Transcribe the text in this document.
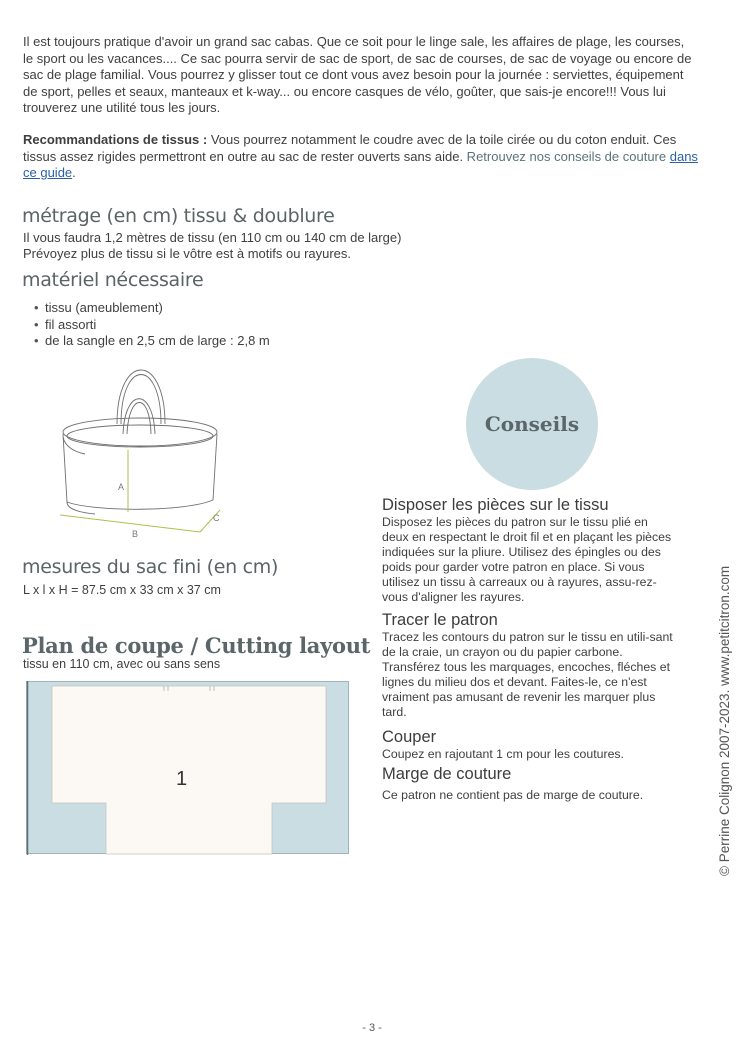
Il est toujours pratique d'avoir un grand sac cabas. Que ce soit pour le linge sale, les affaires de plage, les courses, le sport ou les vacances.... Ce sac pourra servir de sac de sport, de sac de courses, de sac de voyage ou encore de sac de plage familial. Vous pourrez y glisser tout ce dont vous avez besoin pour la journée : serviettes, équipement de sport, pelles et seaux, manteaux et k-way... ou encore casques de vélo, goûter, que sais-je encore!!! Vous lui trouverez une utilité tous les jours.
Recommandations de tissus : Vous pourrez notamment le coudre avec de la toile cirée ou du coton enduit. Ces tissus assez rigides permettront en outre au sac de rester ouverts sans aide. Retrouvez nos conseils de couture dans ce guide.
métrage (en cm) tissu & doublure
Il vous faudra 1,2 mètres de tissu (en 110 cm ou 140 cm de large)
Prévoyez plus de tissu si le vôtre est à motifs ou rayures.
matériel nécessaire
• tissu (ameublement)
• fil assorti
• de la sangle en 2,5 cm de large : 2,8 m
A
B
C
mesures du sac fini (en cm)
L x l x H = 87.5 cm x 33 cm x 37 cm
Plan de coupe / Cutting layout
tissu en 110 cm, avec ou sans sens
1
Conseils
Disposer les pièces sur le tissu
Disposez les pièces du patron sur le tissu plié en deux en respectant le droit fil et en plaçant les pièces indiquées sur la pliure. Utilisez des épingles ou des poids pour garder votre patron en place. Si vous utilisez un tissu à carreaux ou à rayures, assu-rez-vous d'aligner les rayures.
Tracer le patron
Tracez les contours du patron sur le tissu en utili-sant de la craie, un crayon ou du papier carbone. Transférez tous les marquages, encoches, fléches et lignes du milieu dos et devant. Faites-le, ce n'est vraiment pas amusant de revenir les marquer plus tard.
Couper
Coupez en rajoutant 1 cm pour les coutures.
Marge de couture
Ce patron ne contient pas de marge de couture.	© Perrine Colignon 2007-2023. www.petitcitron.com
- 3 -
